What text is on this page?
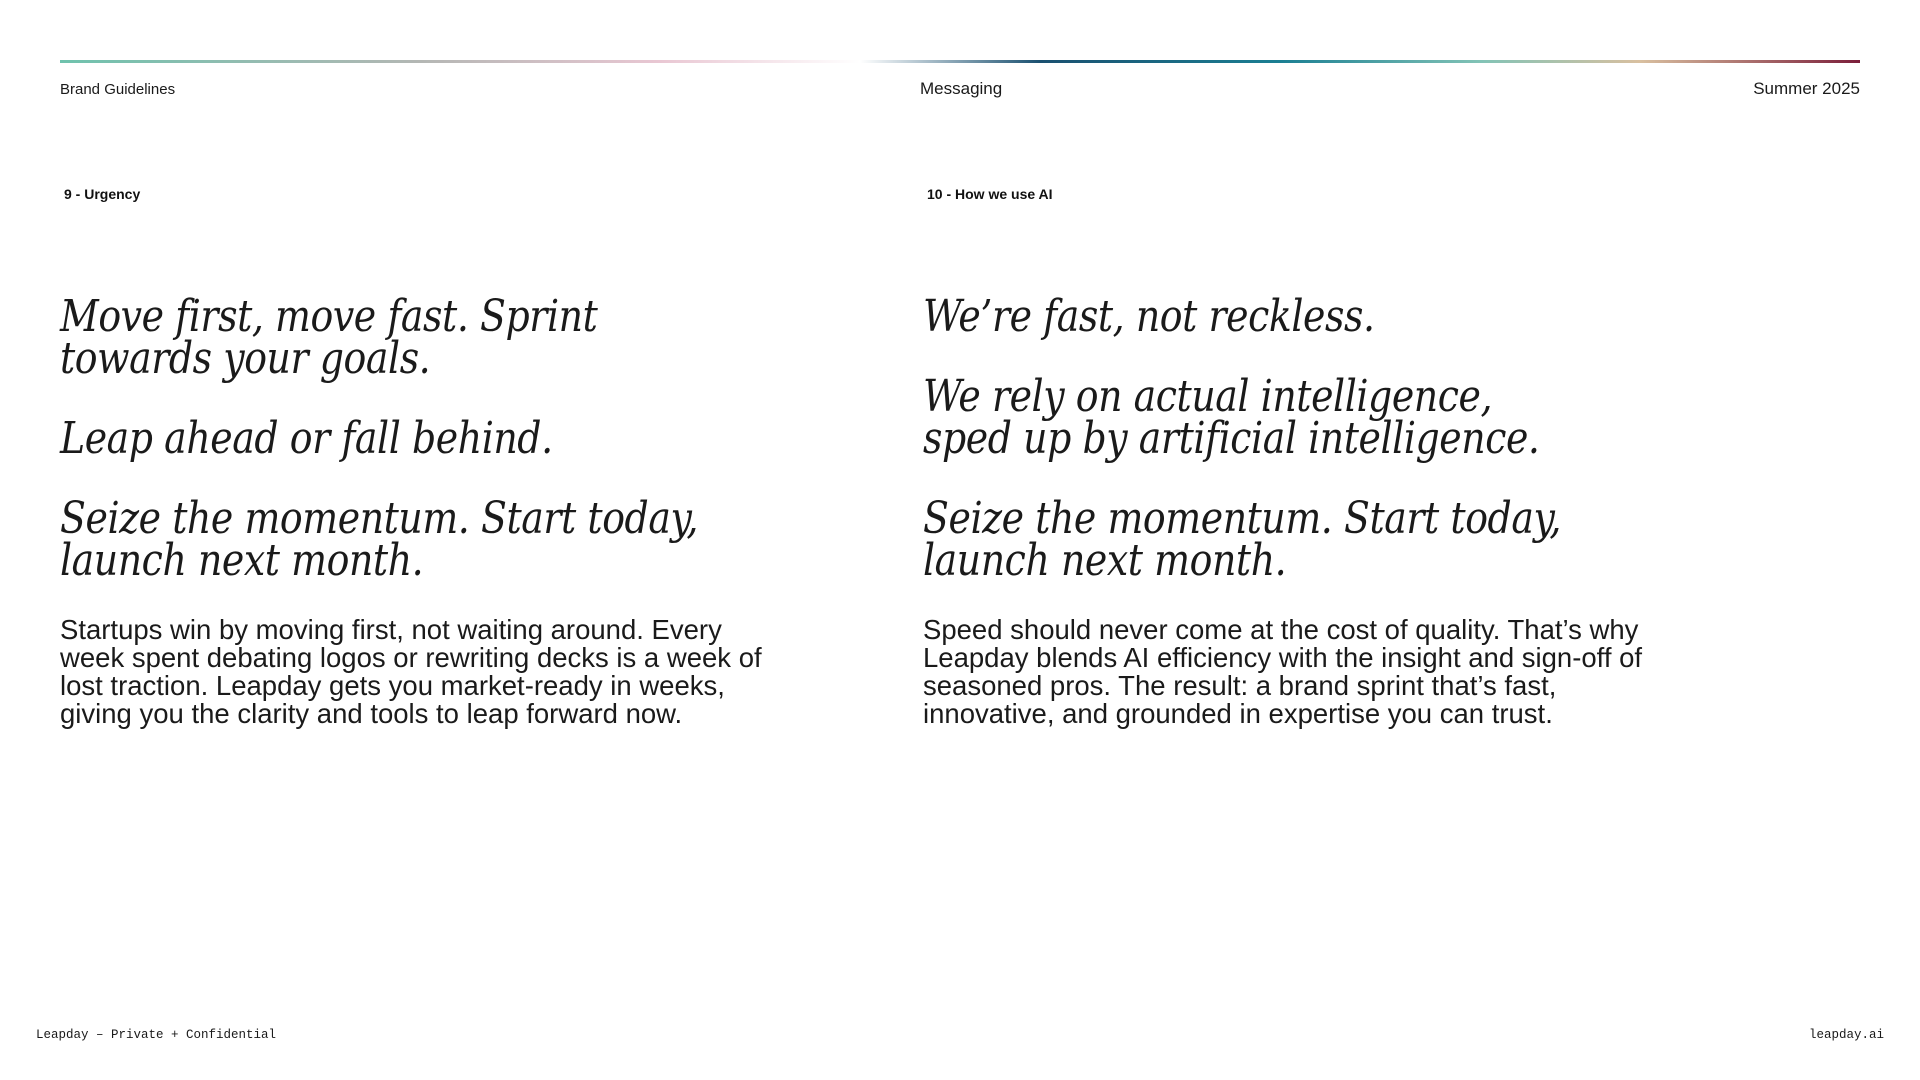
Brand Guidelines	Messaging	Summer 2025
9 - Urgency	10 - How we use AI

Move first, move fast. Sprint
towards your goals.

Leap ahead or fall behind.

Seize the momentum. Start today,
launch next month.

Startups win by moving first, not waiting around. Every week spent debating logos or rewriting decks is a week of lost traction. Leapday gets you market-ready in weeks, giving you the clarity and tools to leap forward now.

We’re fast, not reckless.

We rely on actual intelligence,
sped up by artificial intelligence.

Seize the momentum. Start today,
launch next month.

Speed should never come at the cost of quality. That’s why Leapday blends AI efficiency with the insight and sign-off of seasoned pros. The result: a brand sprint that’s fast, innovative, and grounded in expertise you can trust.

Leapday – Private + Confidential	leapday.ai
